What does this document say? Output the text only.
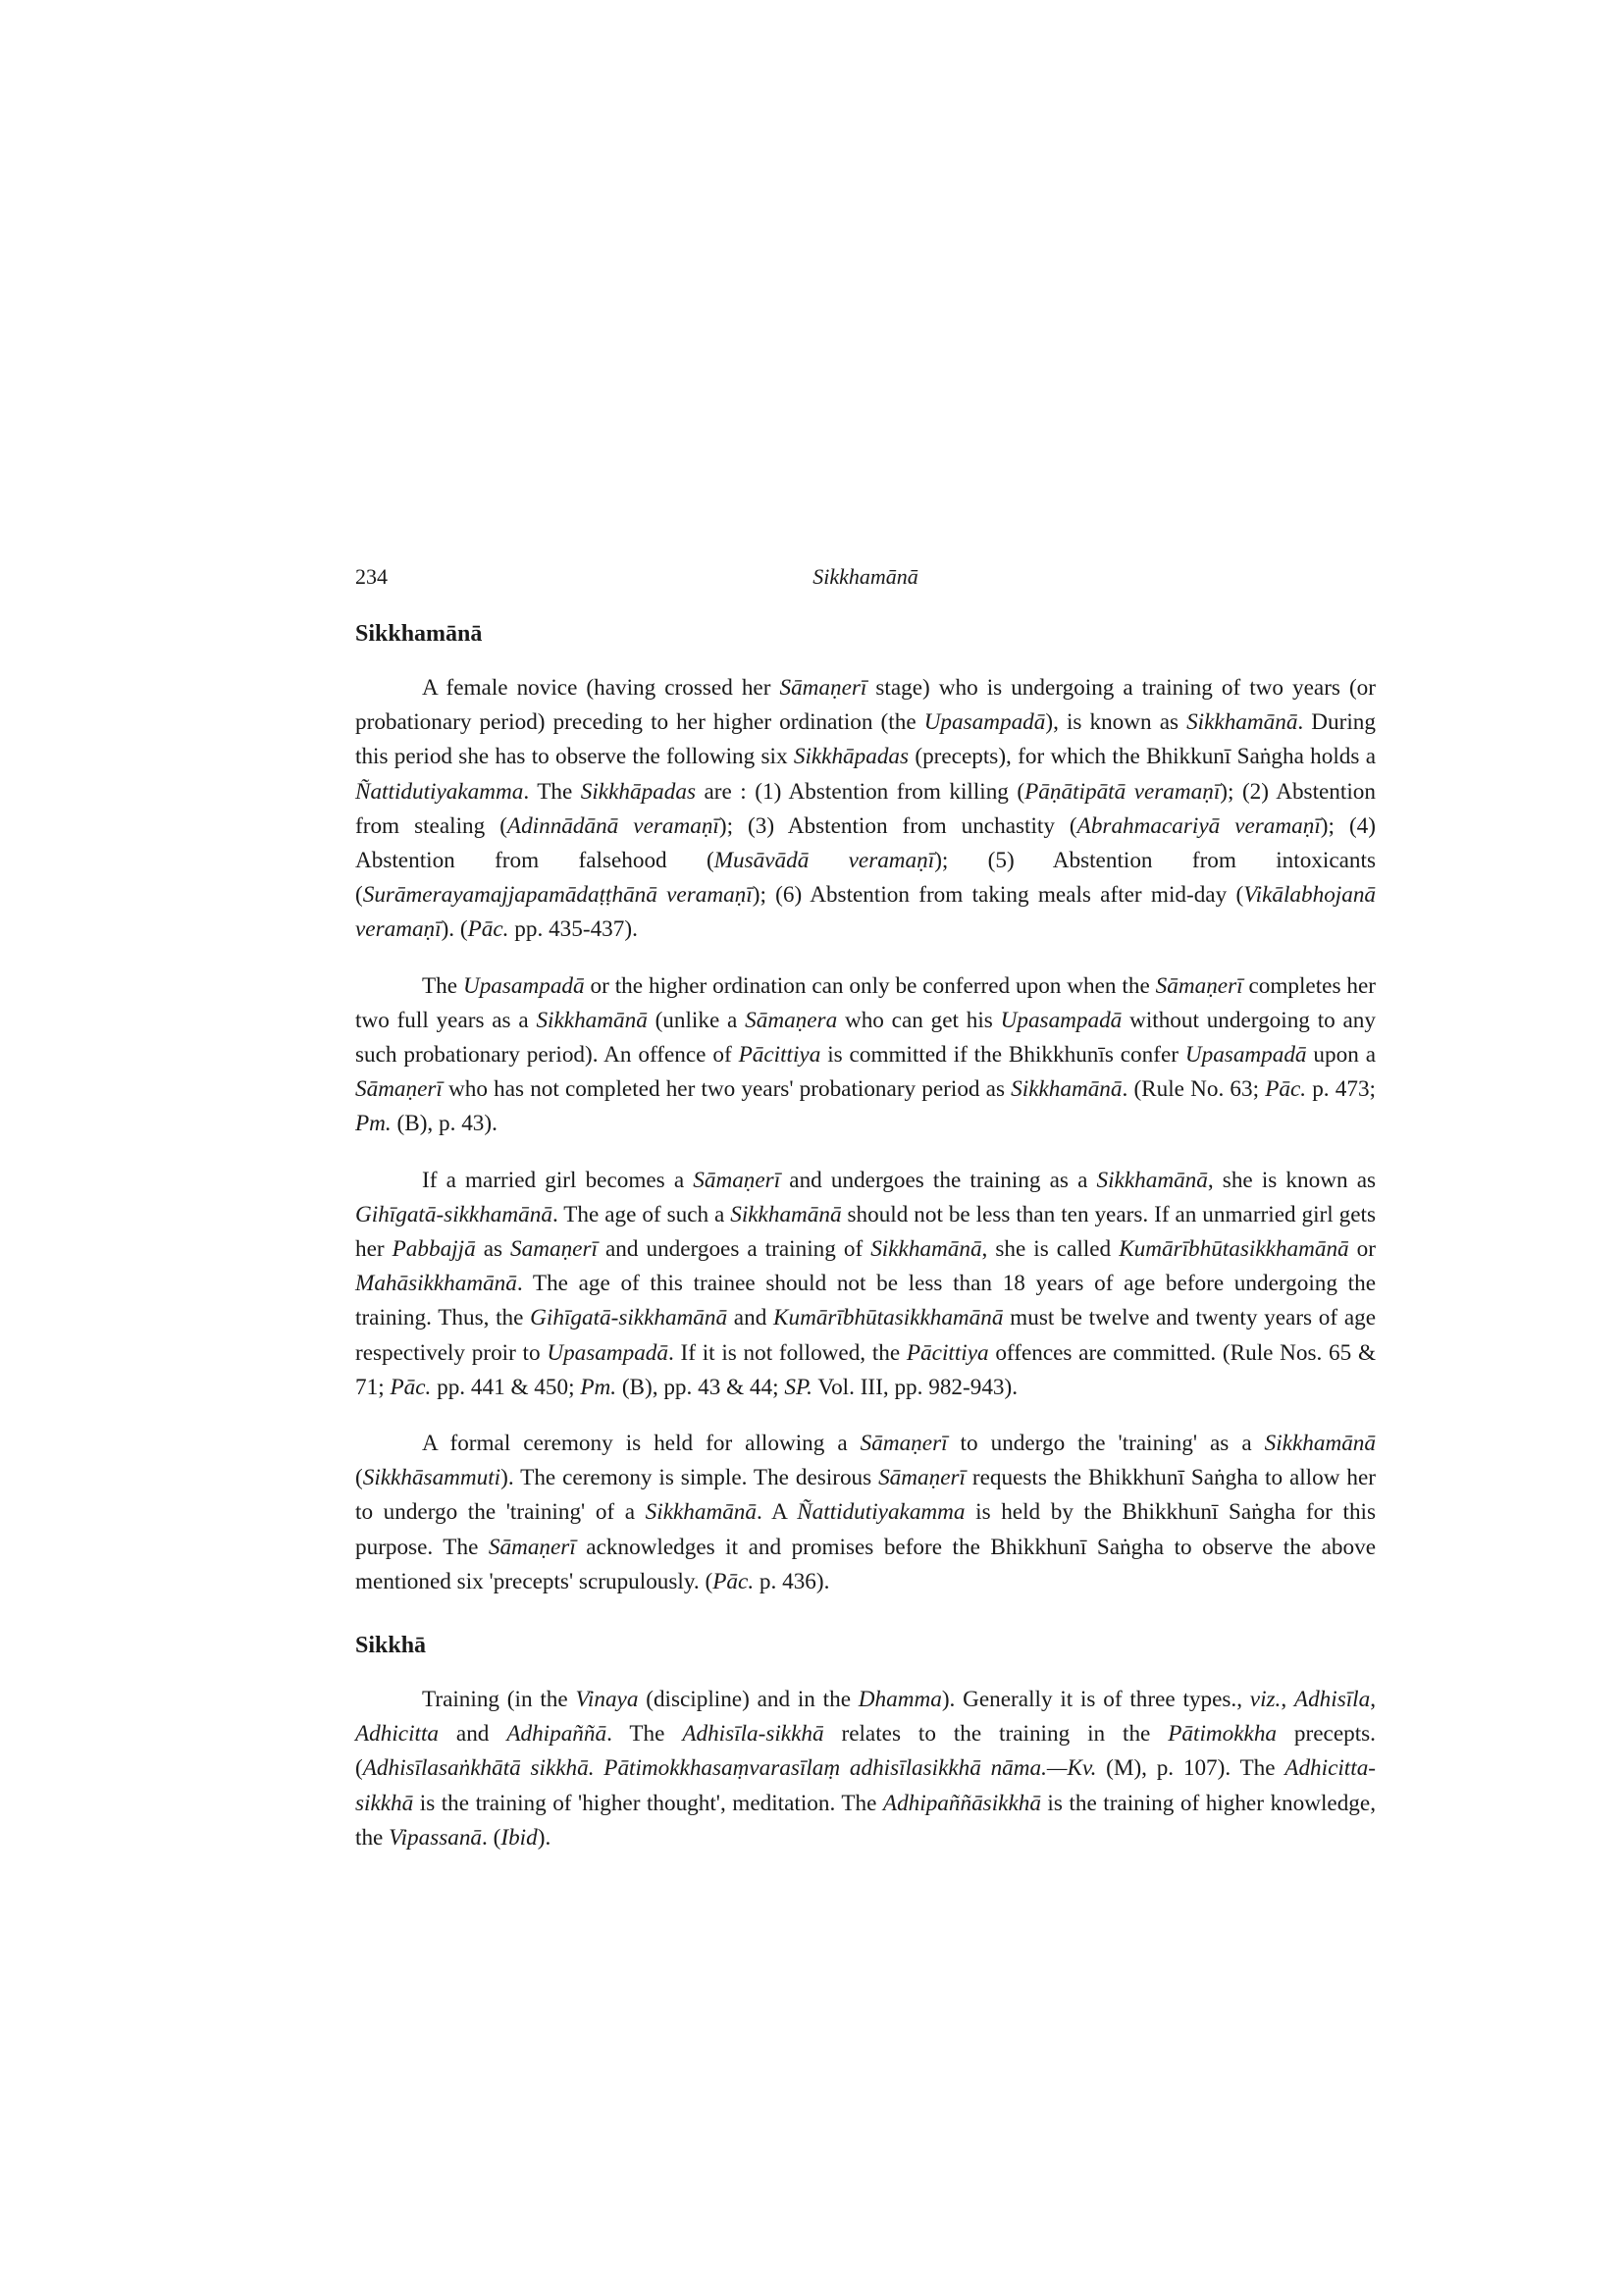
234	Sikkhamānā
Sikkhamānā

A female novice (having crossed her Sāmaṇerī stage) who is undergoing a training of two years (or probationary period) preceding to her higher ordination (the Upasampadā), is known as Sikkhamānā. During this period she has to observe the following six Sikkhāpadas (precepts), for which the Bhikkunī Saṅgha holds a Ñattidutiyakamma. The Sikkhāpadas are : (1) Abstention from killing (Pāṇātipātā veramaṇī); (2) Abstention from stealing (Adinnādānā veramaṇī); (3) Abstention from unchastity (Abrahmacariyā veramaṇī); (4) Abstention from falsehood (Musāvādā veramaṇī); (5) Abstention from intoxicants (Surāmerayamajjapamādaṭṭhānā veramaṇī); (6) Abstention from taking meals after mid-day (Vikālabhojanā veramaṇī). (Pāc. pp. 435-437).

The Upasampadā or the higher ordination can only be conferred upon when the Sāmaṇerī completes her two full years as a Sikkhamānā (unlike a Sāmaṇera who can get his Upasampadā without undergoing to any such probationary period). An offence of Pācittiya is committed if the Bhikkhunīs confer Upasampadā upon a Sāmaṇerī who has not completed her two years' probationary period as Sikkhamānā. (Rule No. 63; Pāc. p. 473; Pm. (B), p. 43).

If a married girl becomes a Sāmaṇerī and undergoes the training as a Sikkhamānā, she is known as Gihīgatā-sikkhamānā. The age of such a Sikkhamānā should not be less than ten years. If an unmarried girl gets her Pabbajjā as Samaṇerī and undergoes a training of Sikkhamānā, she is called Kumārībhūtasikkhamānā or Mahāsikkhamānā. The age of this trainee should not be less than 18 years of age before undergoing the training. Thus, the Gihīgatā-sikkhamānā and Kumārībhūtasikkhamānā must be twelve and twenty years of age respectively proir to Upasampadā. If it is not followed, the Pācittiya offences are committed. (Rule Nos. 65 & 71; Pāc. pp. 441 & 450; Pm. (B), pp. 43 & 44; SP. Vol. III, pp. 982-943).

A formal ceremony is held for allowing a Sāmaṇerī to undergo the 'training' as a Sikkhamānā (Sikkhāsammuti). The ceremony is simple. The desirous Sāmaṇerī requests the Bhikkhunī Saṅgha to allow her to undergo the 'training' of a Sikkhamānā. A Ñattidutiyakamma is held by the Bhikkhunī Saṅgha for this purpose. The Sāmaṇerī acknowledges it and promises before the Bhikkhunī Saṅgha to observe the above mentioned six 'precepts' scrupulously. (Pāc. p. 436).

Sikkhā

Training (in the Vinaya (discipline) and in the Dhamma). Generally it is of three types., viz., Adhisīla, Adhicitta and Adhipaññā. The Adhisīla-sikkhā relates to the training in the Pātimokkha precepts. (Adhisīlasaṅkhātā sikkhā. Pātimokkhasaṃvarasīlaṃ adhisīlasikkhā nāma.—Kv. (M), p. 107). The Adhicitta-sikkhā is the training of 'higher thought', meditation. The Adhipaññāsikkhā is the training of higher knowledge, the Vipassanā. (Ibid).
